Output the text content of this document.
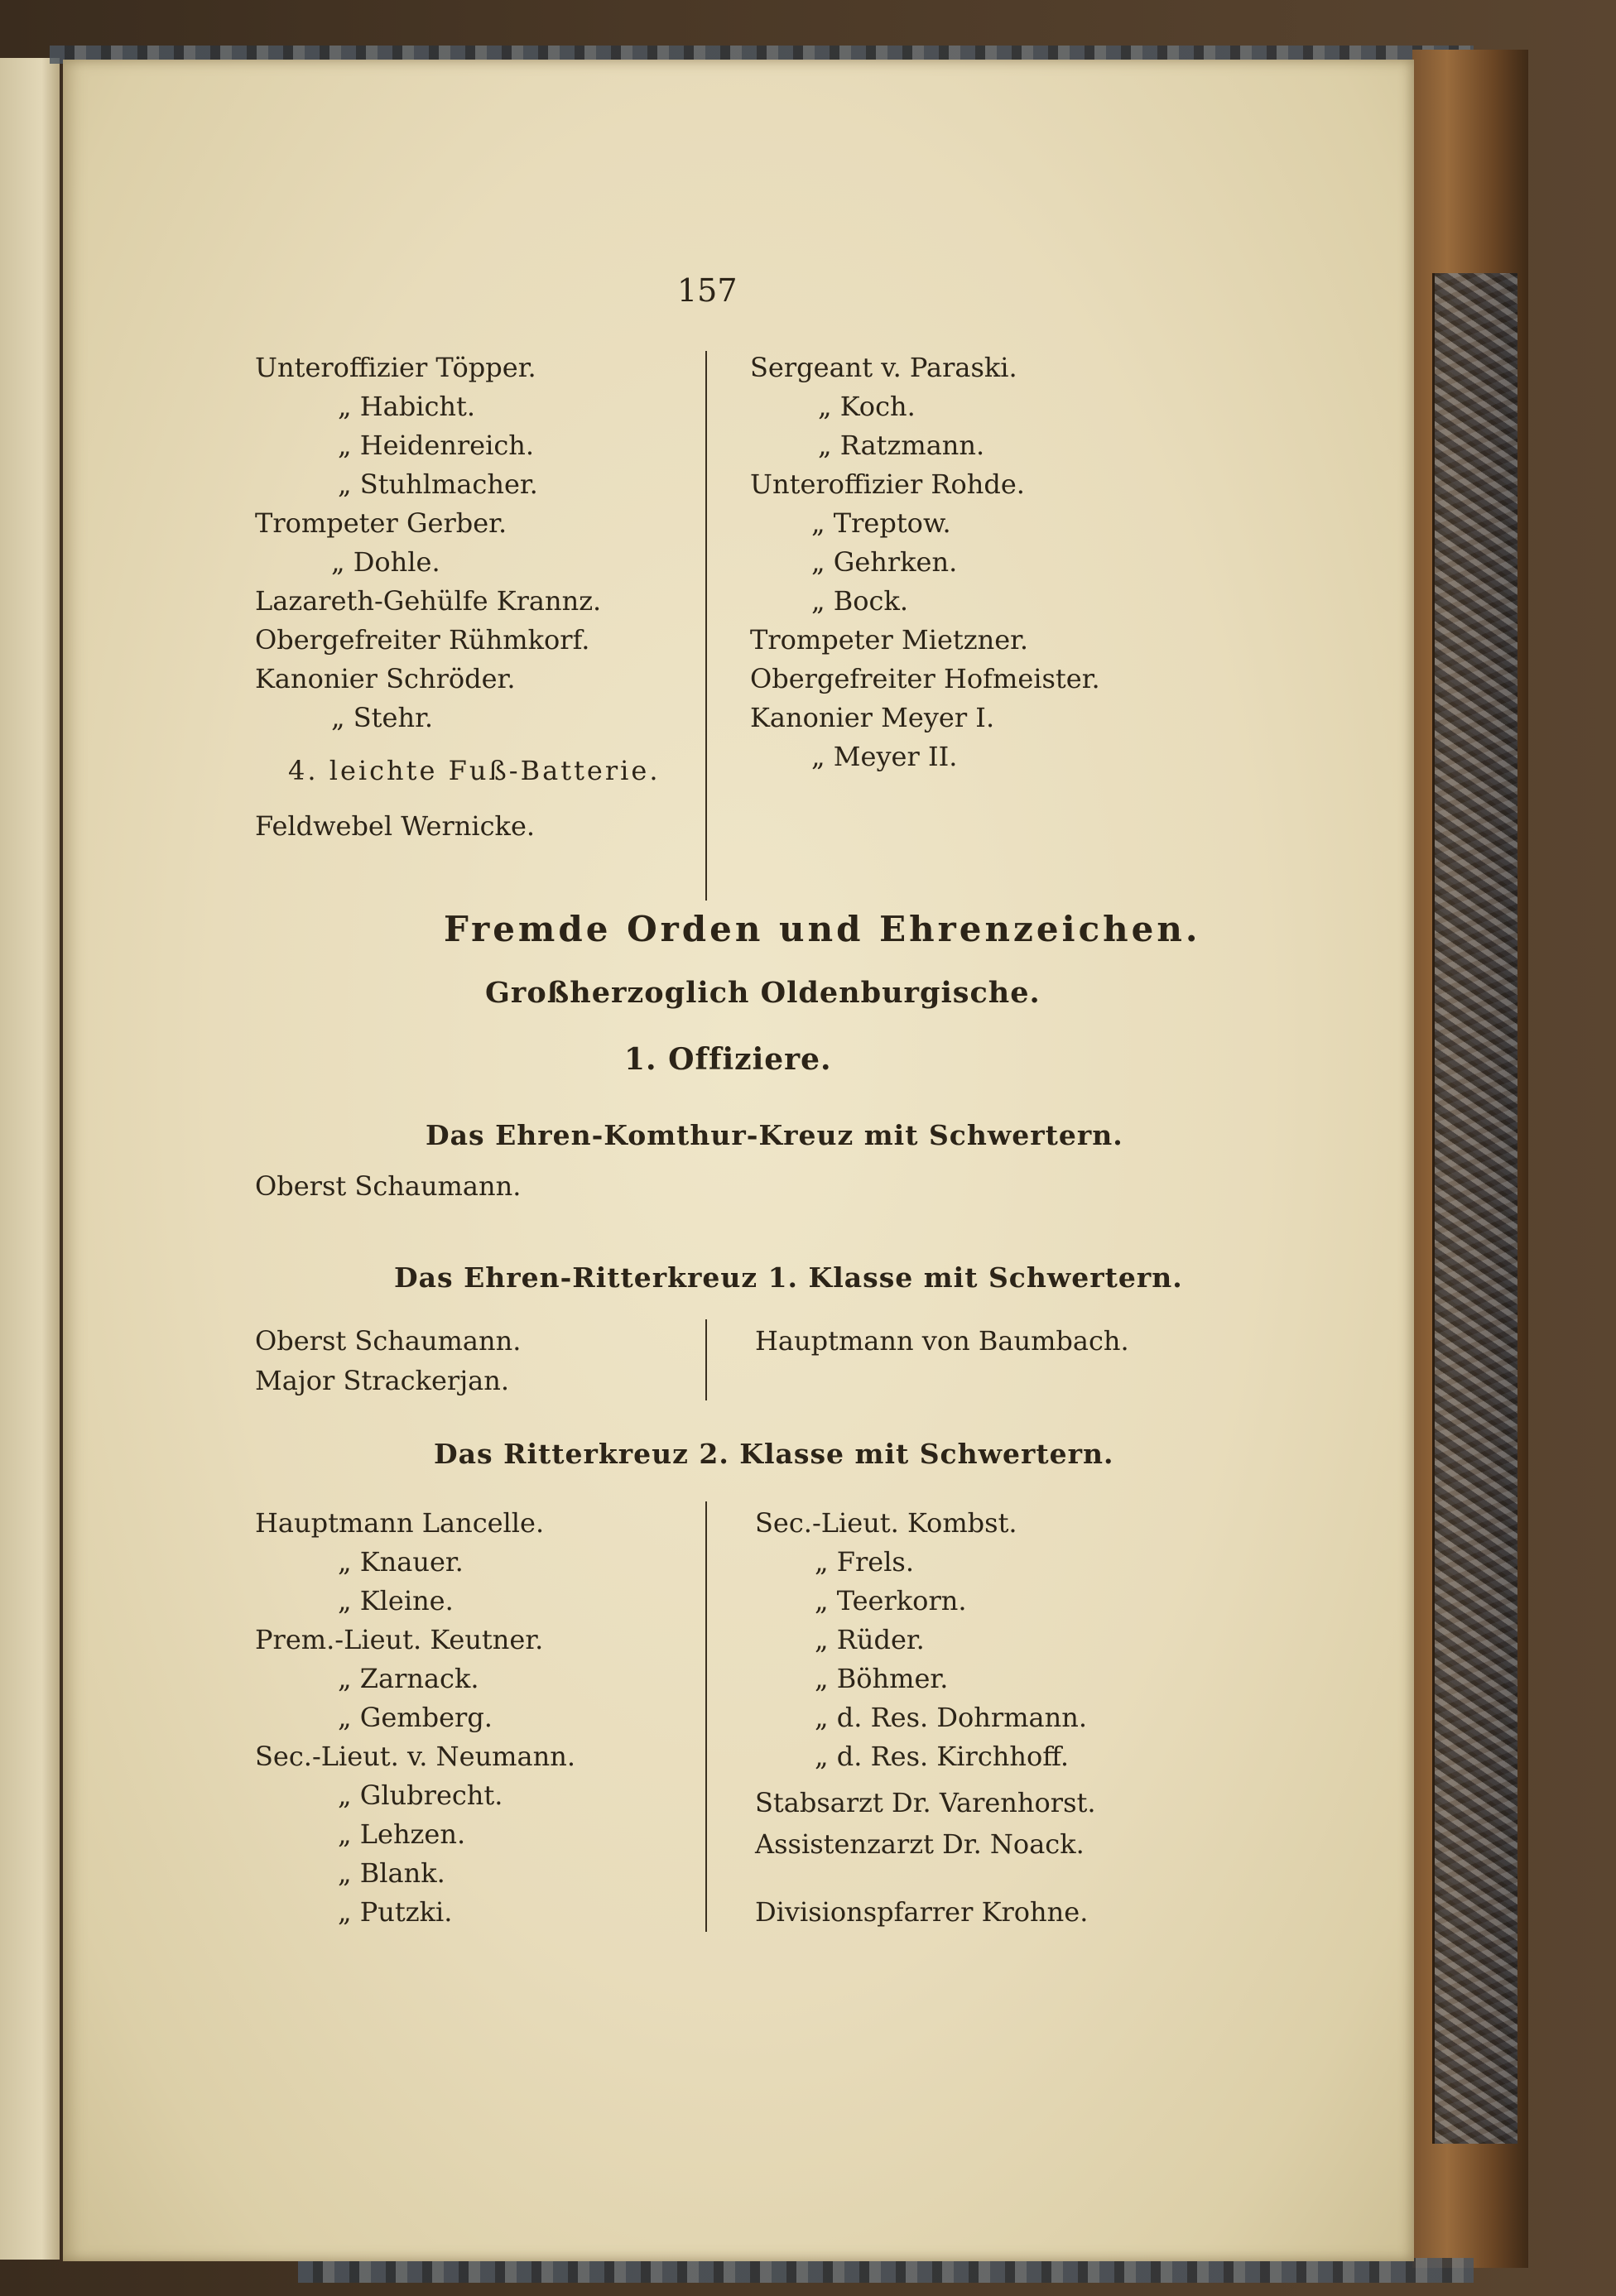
157
Unteroffizier Töpper.
„ Habicht.
„ Heidenreich.
„ Stuhlmacher.
Trompeter Gerber.
„ Dohle.
Lazareth-Gehülfe Krannz.
Obergefreiter Rühmkorf.
Kanonier Schröder.
„ Stehr.
4. leichte Fuß-Batterie.
Feldwebel Wernicke.
Sergeant v. Paraski.
„ Koch.
„ Ratzmann.
Unteroffizier Rohde.
„ Treptow.
„ Gehrken.
„ Bock.
Trompeter Mietzner.
Obergefreiter Hofmeister.
Kanonier Meyer I.
„ Meyer II.
Fremde Orden und Ehrenzeichen.
Großherzoglich Oldenburgische.
1. Offiziere.
Das Ehren-Komthur-Kreuz mit Schwertern.
Oberst Schaumann.
Das Ehren-Ritterkreuz 1. Klasse mit Schwertern.
Oberst Schaumann.
Major Strackerjan.
Hauptmann von Baumbach.
Das Ritterkreuz 2. Klasse mit Schwertern.
Hauptmann Lancelle.
„ Knauer.
„ Kleine.
Prem.-Lieut. Keutner.
„ Zarnack.
„ Gemberg.
Sec.-Lieut. v. Neumann.
„ Glubrecht.
„ Lehzen.
„ Blank.
„ Putzki.
Sec.-Lieut. Kombst.
„ Frels.
„ Teerkorn.
„ Rüder.
„ Böhmer.
„ d. Res. Dohrmann.
„ d. Res. Kirchhoff.
Stabsarzt Dr. Varenhorst.
Assistenzarzt Dr. Noack.
Divisionspfarrer Krohne.
